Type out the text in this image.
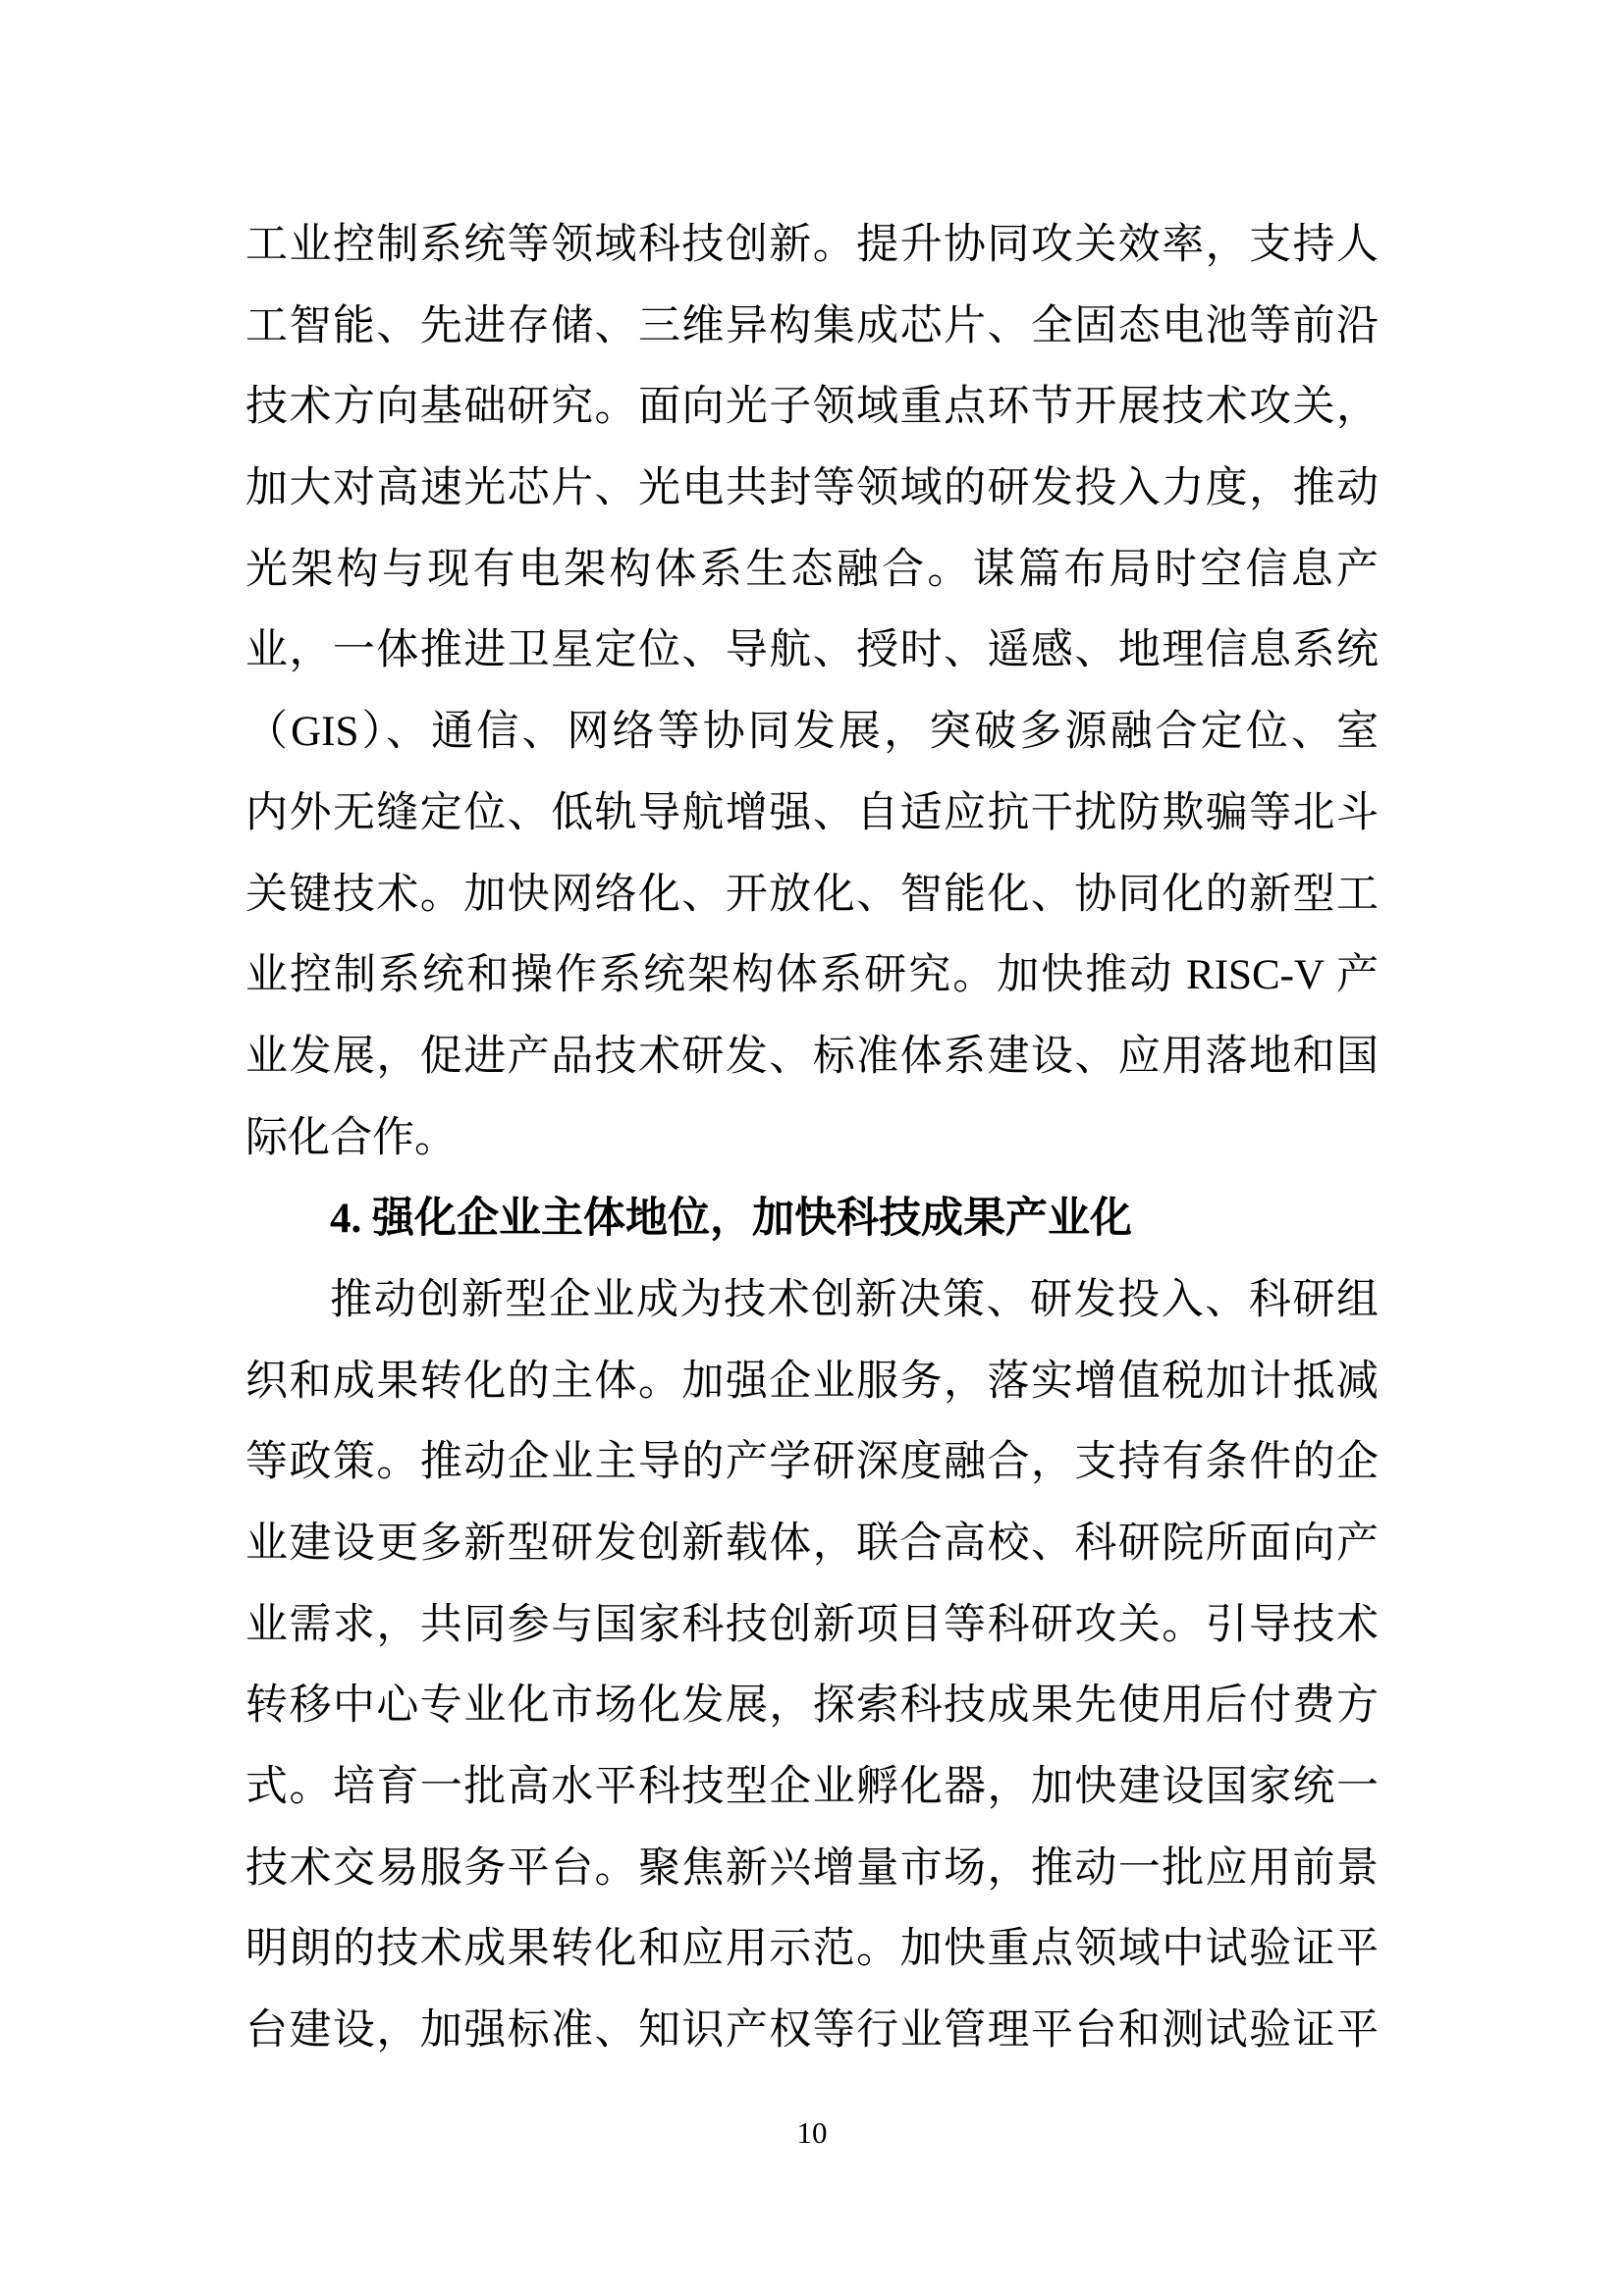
工业控制系统等领域科技创新。提升协同攻关效率，支持人
工智能、先进存储、三维异构集成芯片、全固态电池等前沿
技术方向基础研究。面向光子领域重点环节开展技术攻关，
加大对高速光芯片、光电共封等领域的研发投入力度，推动
光架构与现有电架构体系生态融合。谋篇布局时空信息产
业，一体推进卫星定位、导航、授时、遥感、地理信息系统
（GIS）、通信、网络等协同发展，突破多源融合定位、室
内外无缝定位、低轨导航增强、自适应抗干扰防欺骗等北斗
关键技术。加快网络化、开放化、智能化、协同化的新型工
业控制系统和操作系统架构体系研究。加快推动 RISC-V 产
业发展，促进产品技术研发、标准体系建设、应用落地和国
际化合作。
4. 强化企业主体地位，加快科技成果产业化
推动创新型企业成为技术创新决策、研发投入、科研组
织和成果转化的主体。加强企业服务，落实增值税加计抵减
等政策。推动企业主导的产学研深度融合，支持有条件的企
业建设更多新型研发创新载体，联合高校、科研院所面向产
业需求，共同参与国家科技创新项目等科研攻关。引导技术
转移中心专业化市场化发展，探索科技成果先使用后付费方
式。培育一批高水平科技型企业孵化器，加快建设国家统一
技术交易服务平台。聚焦新兴增量市场，推动一批应用前景
明朗的技术成果转化和应用示范。加快重点领域中试验证平
台建设，加强标准、知识产权等行业管理平台和测试验证平
10
